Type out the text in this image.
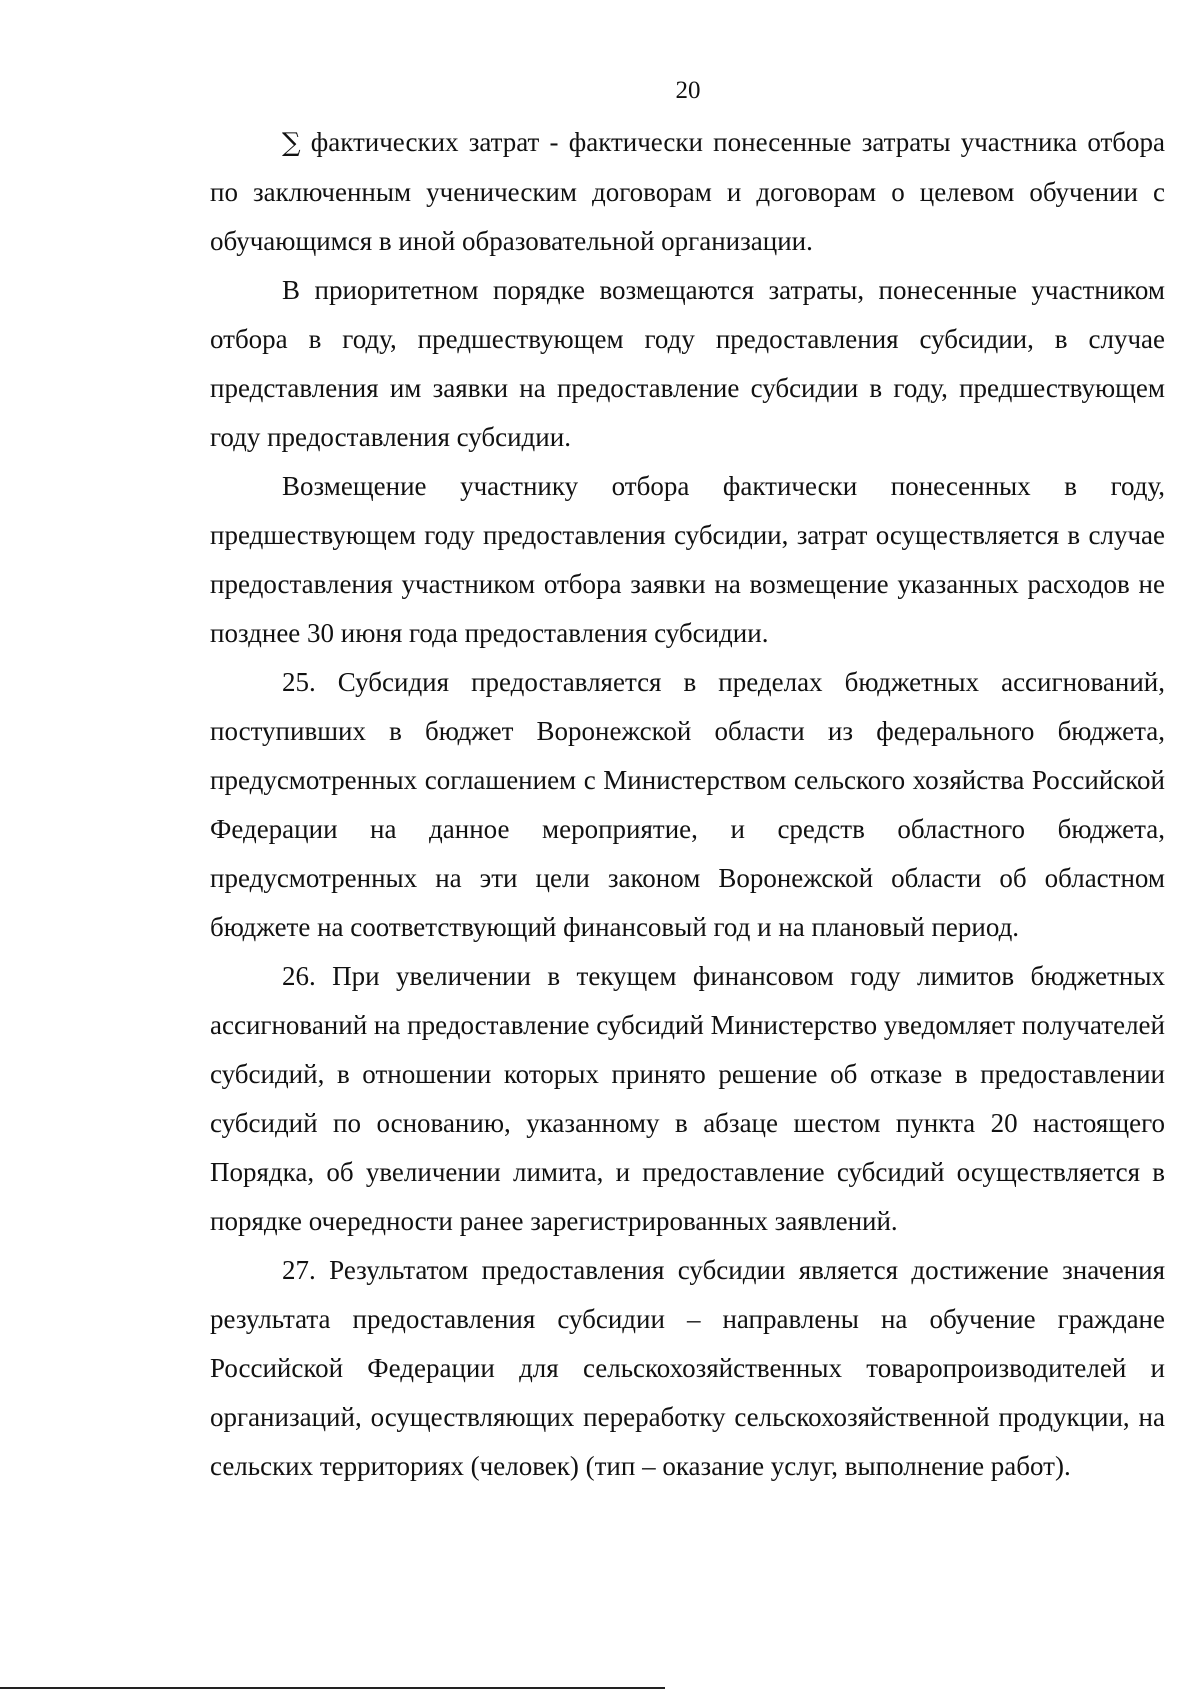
20

∑ фактических затрат - фактически понесенные затраты участника отбора по заключенным ученическим договорам и договорам о целевом обучении с обучающимся в иной образовательной организации.

В приоритетном порядке возмещаются затраты, понесенные участником отбора в году, предшествующем году предоставления субсидии, в случае представления им заявки на предоставление субсидии в году, предшествующем году предоставления субсидии.

Возмещение участнику отбора фактически понесенных в году, предшествующем году предоставления субсидии, затрат осуществляется в случае предоставления участником отбора заявки на возмещение указанных расходов не позднее 30 июня года предоставления субсидии.

25. Субсидия предоставляется в пределах бюджетных ассигнований, поступивших в бюджет Воронежской области из федерального бюджета, предусмотренных соглашением с Министерством сельского хозяйства Российской Федерации на данное мероприятие, и средств областного бюджета, предусмотренных на эти цели законом Воронежской области об областном бюджете на соответствующий финансовый год и на плановый период.

26. При увеличении в текущем финансовом году лимитов бюджетных ассигнований на предоставление субсидий Министерство уведомляет получателей субсидий, в отношении которых принято решение об отказе в предоставлении субсидий по основанию, указанному в абзаце шестом пункта 20 настоящего Порядка, об увеличении лимита, и предоставление субсидий осуществляется в порядке очередности ранее зарегистрированных заявлений.

27. Результатом предоставления субсидии является достижение значения результата предоставления субсидии – направлены на обучение граждане Российской Федерации для сельскохозяйственных товаропроизводителей и организаций, осуществляющих переработку сельскохозяйственной продукции, на сельских территориях (человек) (тип – оказание услуг, выполнение работ).
